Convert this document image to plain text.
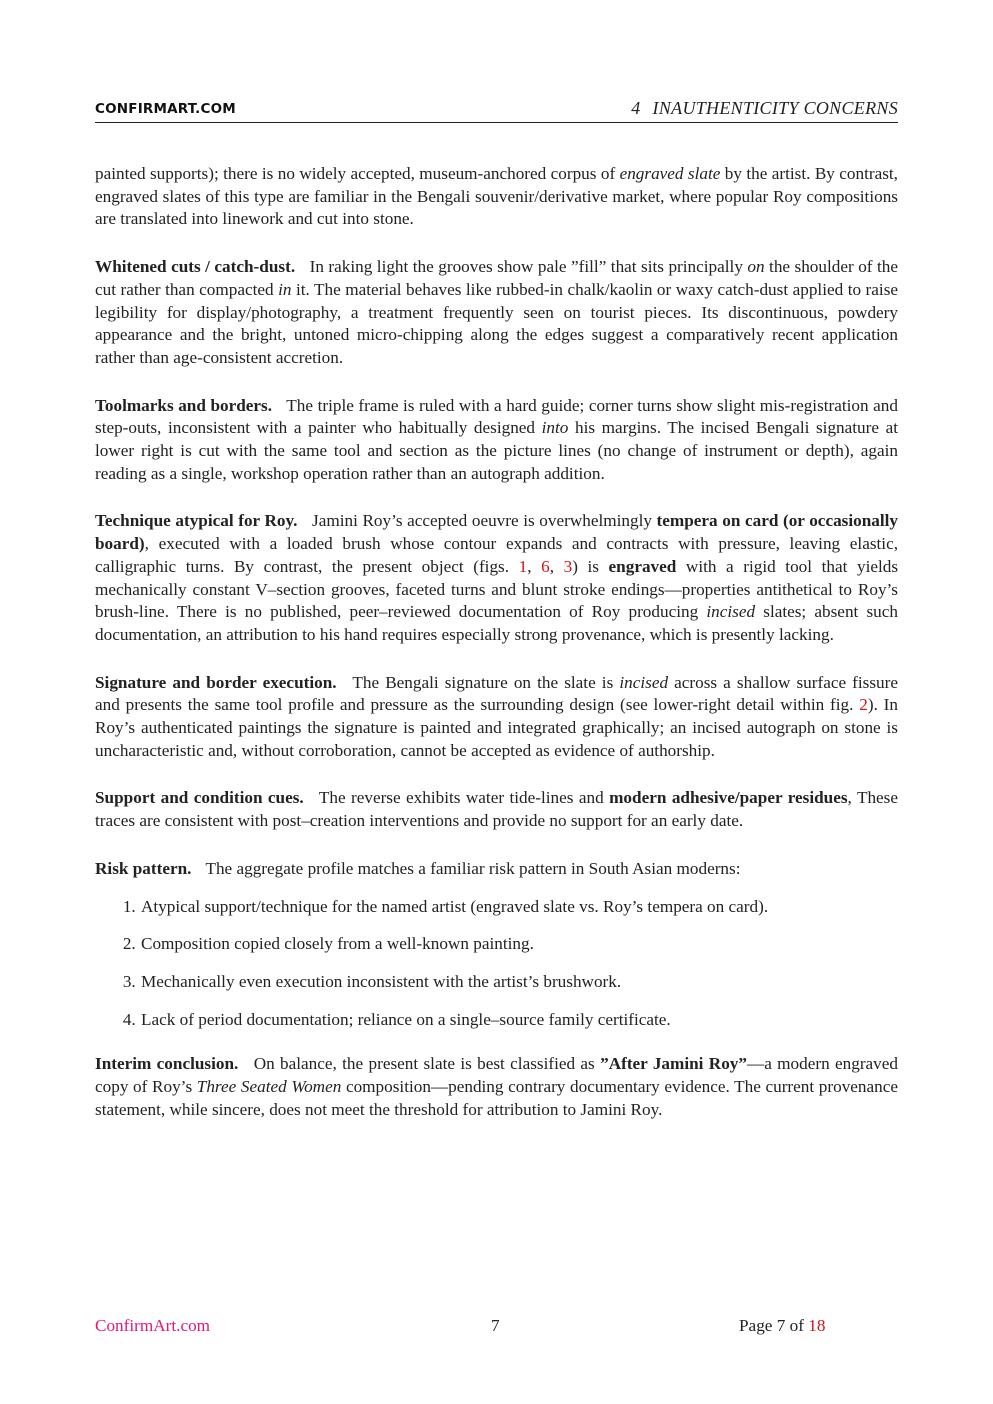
CONFIRMART.COM	4 INAUTHENTICITY CONCERNS

painted supports); there is no widely accepted, museum-anchored corpus of engraved slate by the artist. By contrast, engraved slates of this type are familiar in the Bengali souvenir/derivative market, where popular Roy compositions are translated into linework and cut into stone.

Whitened cuts / catch-dust. In raking light the grooves show pale ”fill” that sits principally on the shoulder of the cut rather than compacted in it. The material behaves like rubbed-in chalk/kaolin or waxy catch-dust applied to raise legibility for display/photography, a treatment frequently seen on tourist pieces. Its discontinuous, powdery appearance and the bright, untoned micro-chipping along the edges suggest a comparatively recent application rather than age-consistent accretion.

Toolmarks and borders. The triple frame is ruled with a hard guide; corner turns show slight mis-registration and step-outs, inconsistent with a painter who habitually designed into his margins. The incised Bengali signature at lower right is cut with the same tool and section as the picture lines (no change of instrument or depth), again reading as a single, workshop operation rather than an autograph addition.

Technique atypical for Roy. Jamini Roy’s accepted oeuvre is overwhelmingly tempera on card (or occasionally board), executed with a loaded brush whose contour expands and contracts with pressure, leaving elastic, calligraphic turns. By contrast, the present object (figs. 1, 6, 3) is engraved with a rigid tool that yields mechanically constant V–section grooves, faceted turns and blunt stroke endings—properties antithetical to Roy’s brush-line. There is no published, peer–reviewed documentation of Roy producing incised slates; absent such documentation, an attribution to his hand requires especially strong provenance, which is presently lacking.

Signature and border execution. The Bengali signature on the slate is incised across a shallow surface fissure and presents the same tool profile and pressure as the surrounding design (see lower-right detail within fig. 2). In Roy’s authenticated paintings the signature is painted and integrated graphically; an incised autograph on stone is uncharacteristic and, without corroboration, cannot be accepted as evidence of authorship.

Support and condition cues. The reverse exhibits water tide-lines and modern adhesive/paper residues, These traces are consistent with post–creation interventions and provide no support for an early date.

Risk pattern. The aggregate profile matches a familiar risk pattern in South Asian moderns:

1. Atypical support/technique for the named artist (engraved slate vs. Roy’s tempera on card).
2. Composition copied closely from a well-known painting.
3. Mechanically even execution inconsistent with the artist’s brushwork.
4. Lack of period documentation; reliance on a single–source family certificate.

Interim conclusion. On balance, the present slate is best classified as ”After Jamini Roy”—a modern engraved copy of Roy’s Three Seated Women composition—pending contrary documentary evidence. The current provenance statement, while sincere, does not meet the threshold for attribution to Jamini Roy.

ConfirmArt.com	7	Page 7 of 18
